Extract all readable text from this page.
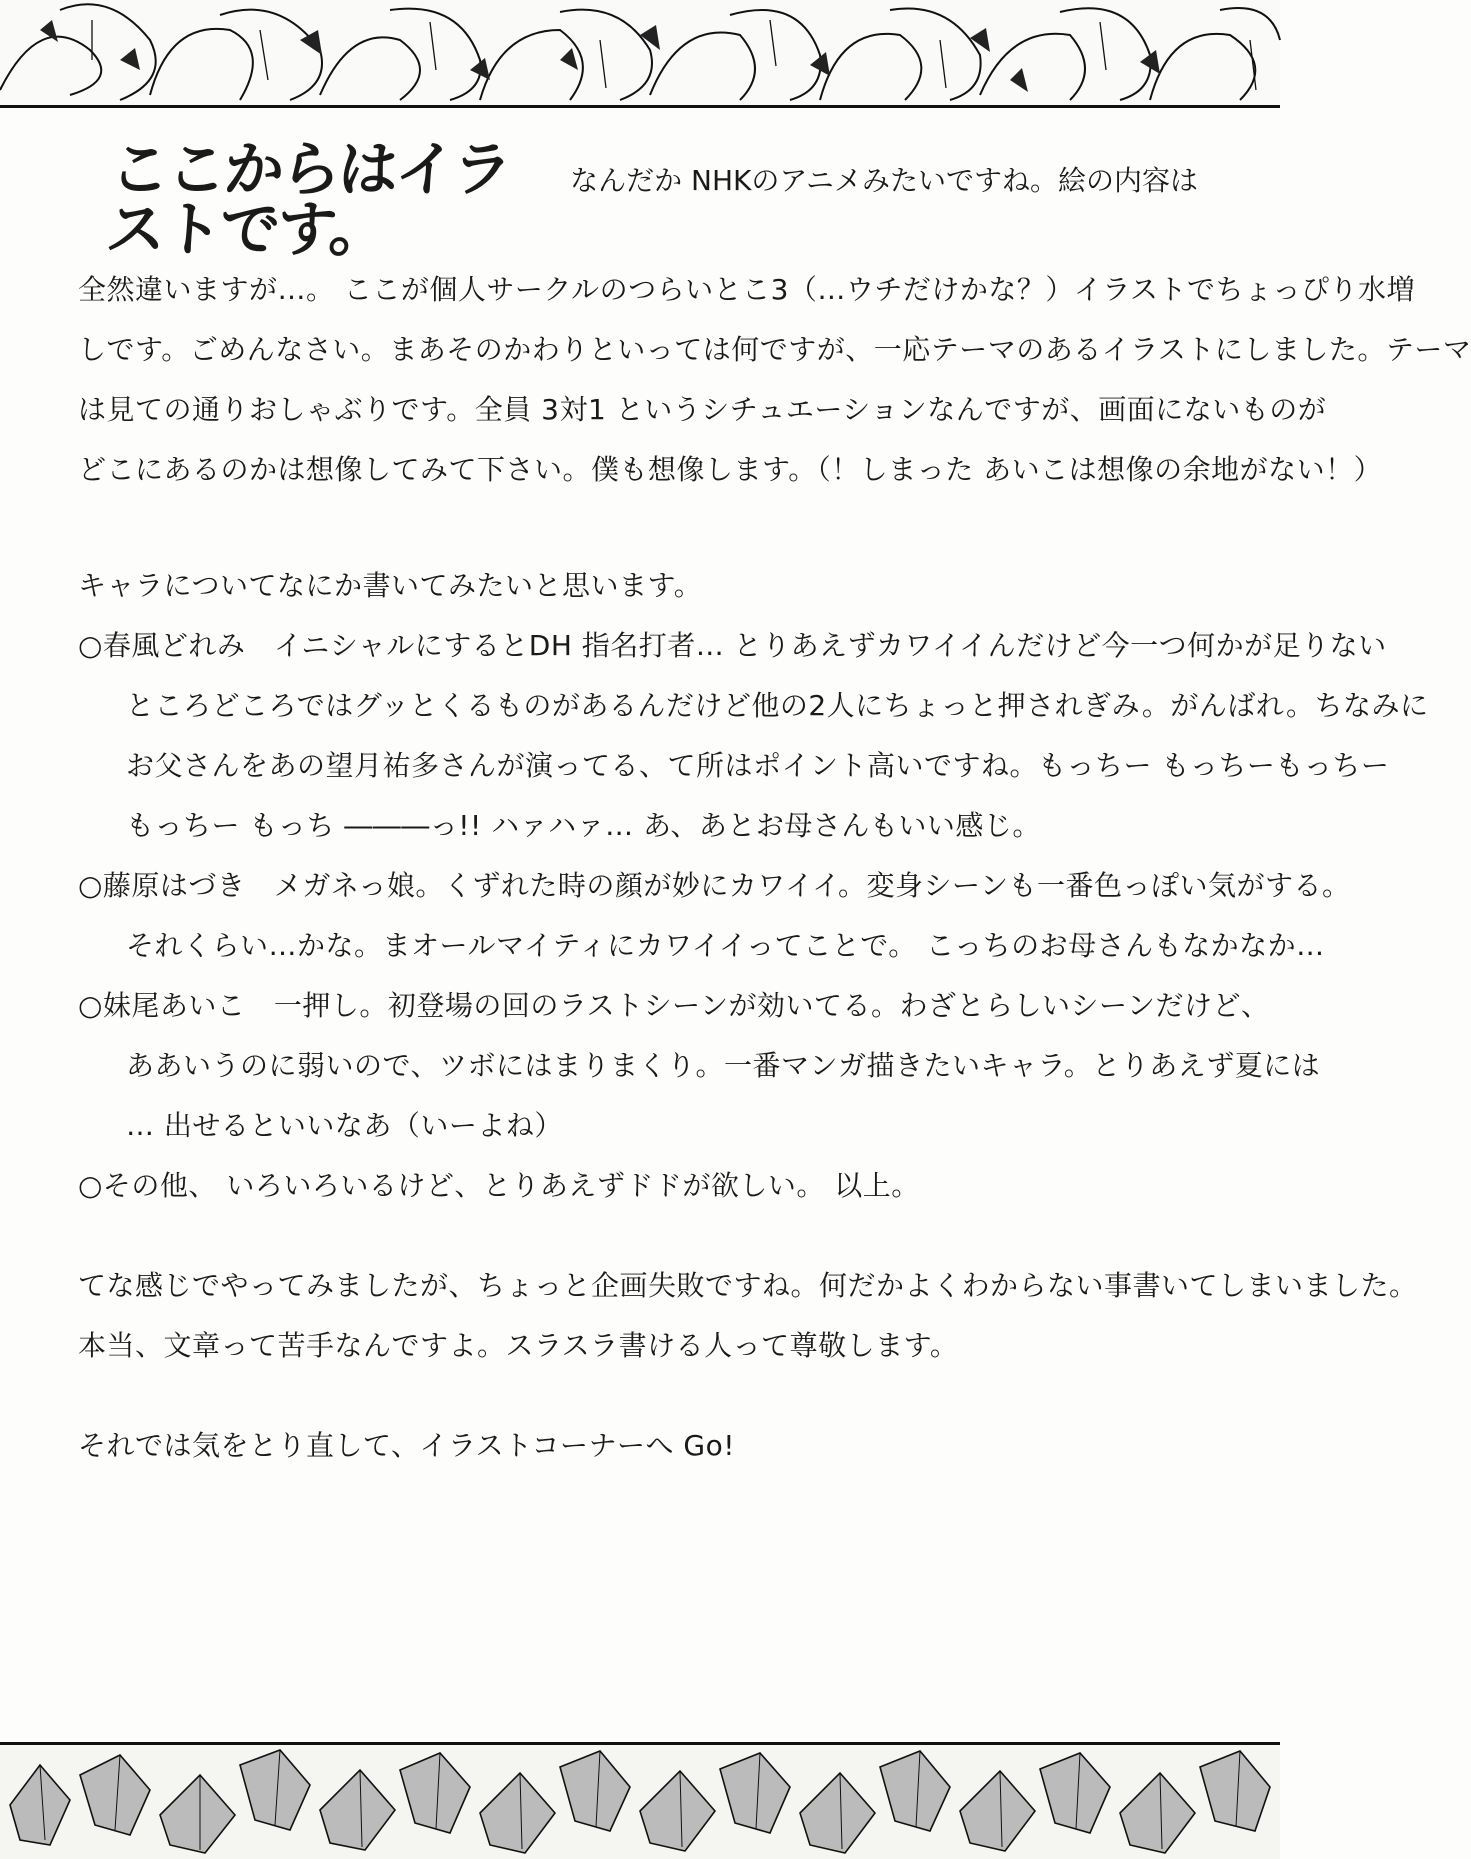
ここからはイラストです。
なんだか NHKのアニメみたいですね。絵の内容は
全然違いますが…。 ここが個人サークルのつらいとこ3（…ウチだけかな？）イラストでちょっぴり水増
しです。ごめんなさい。まあそのかわりといっては何ですが、一応テーマのあるイラストにしました。テーマ
は見ての通りおしゃぶりです。全員 3対1 というシチュエーションなんですが、画面にないものが
どこにあるのかは想像してみて下さい。僕も想像します。（！しまった あいこは想像の余地がない！）
キャラについてなにか書いてみたいと思います。
○春風どれみ　イニシャルにするとDH 指名打者… とりあえずカワイイんだけど今一つ何かが足りない
ところどころではグッとくるものがあるんだけど他の2人にちょっと押されぎみ。がんばれ。ちなみに
お父さんをあの望月祐多さんが演ってる、て所はポイント高いですね。もっちー もっちーもっちー
もっちー もっち ―――っ!! ハァハァ… あ、あとお母さんもいい感じ。
○藤原はづき　メガネっ娘。くずれた時の顔が妙にカワイイ。変身シーンも一番色っぽい気がする。
それくらい…かな。まオールマイティにカワイイってことで。 こっちのお母さんもなかなか…
○妹尾あいこ　一押し。初登場の回のラストシーンが効いてる。わざとらしいシーンだけど、
ああいうのに弱いので、ツボにはまりまくり。一番マンガ描きたいキャラ。とりあえず夏には
… 出せるといいなあ（いーよね）
○その他、 いろいろいるけど、とりあえずドドが欲しい。 以上。
てな感じでやってみましたが、ちょっと企画失敗ですね。何だかよくわからない事書いてしまいました。
本当、文章って苦手なんですよ。スラスラ書ける人って尊敬します。
それでは気をとり直して、イラストコーナーへ Go!
